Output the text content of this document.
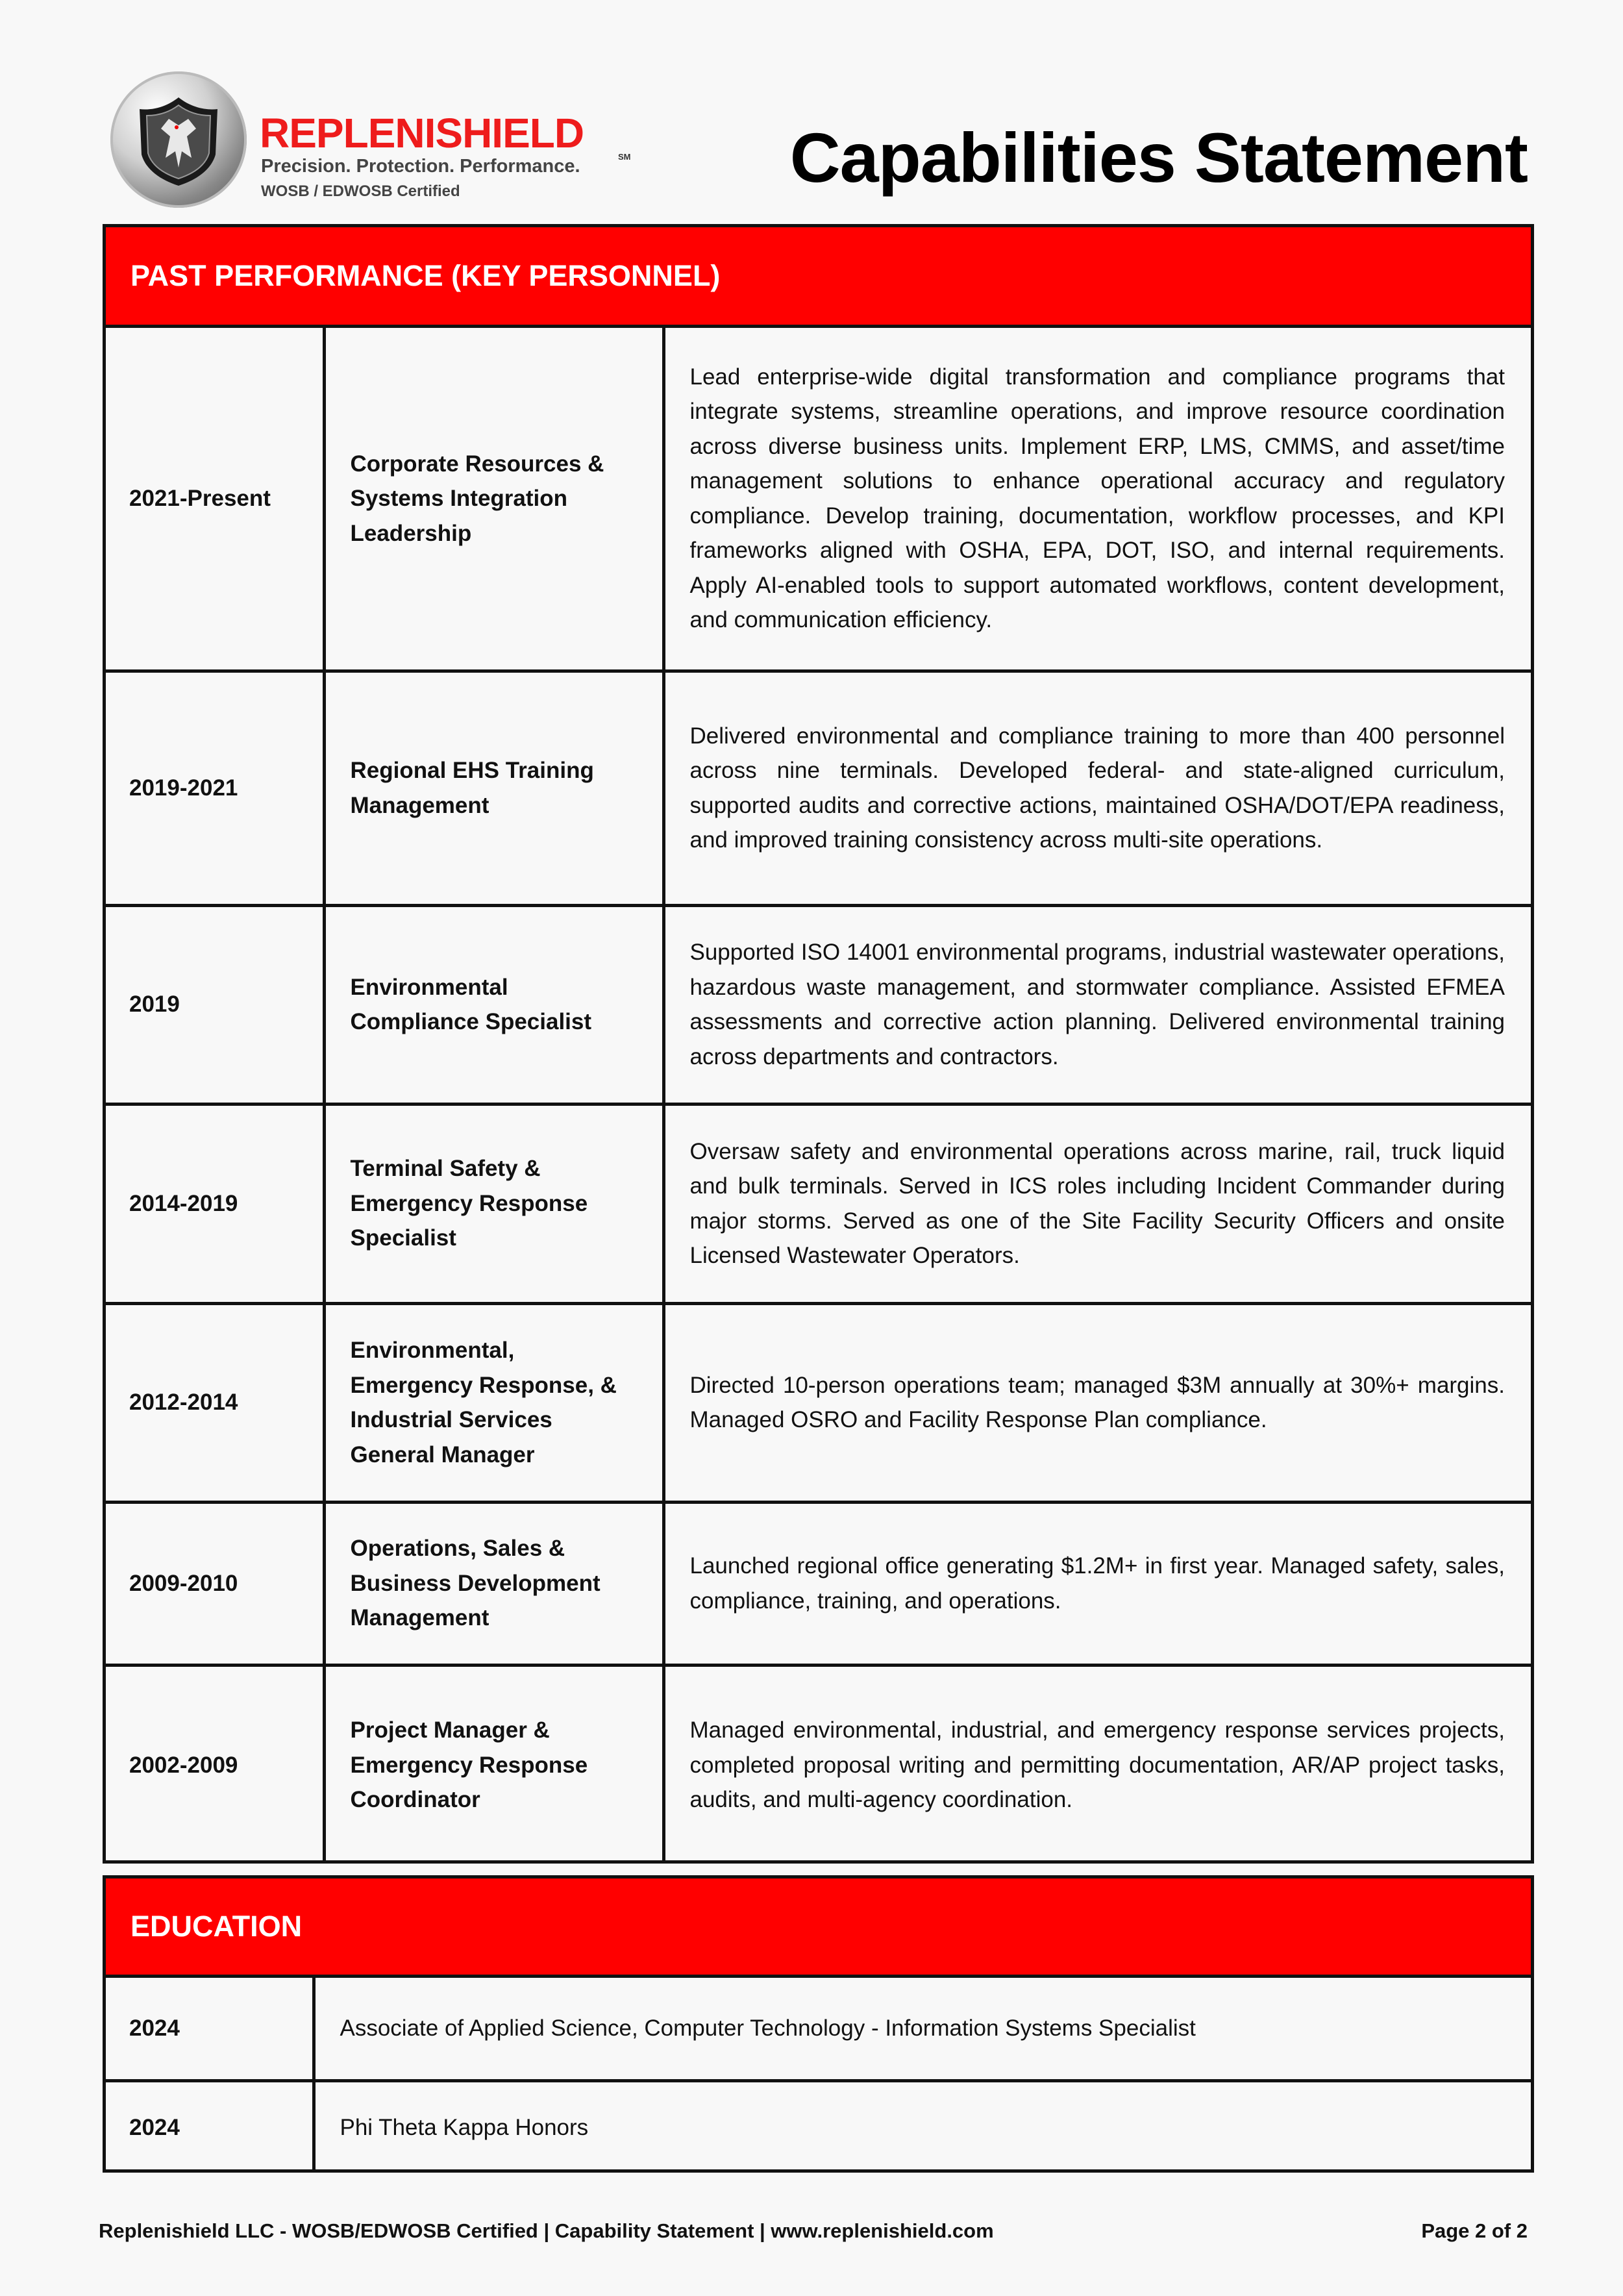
REPLENISHIELD
SM
Precision. Protection. Performance.
WOSB / EDWOSB Certified	Capabilities Statement
PAST PERFORMANCE (KEY PERSONNEL)
2021-Present	Corporate Resources & Systems Integration Leadership	Lead enterprise-wide digital transformation and compliance programs that integrate systems, streamline operations, and improve resource coordination across diverse business units. Implement ERP, LMS, CMMS, and asset/time management solutions to enhance operational accuracy and regulatory compliance. Develop training, documentation, workflow processes, and KPI frameworks aligned with OSHA, EPA, DOT, ISO, and internal requirements. Apply AI-enabled tools to support automated workflows, content development, and communication efficiency.
2019-2021	Regional EHS Training Management	Delivered environmental and compliance training to more than 400 personnel across nine terminals. Developed federal- and state-aligned curriculum, supported audits and corrective actions, maintained OSHA/DOT/EPA readiness, and improved training consistency across multi-site operations.
2019	Environmental Compliance Specialist	Supported ISO 14001 environmental programs, industrial wastewater operations, hazardous waste management, and stormwater compliance. Assisted EFMEA assessments and corrective action planning. Delivered environmental training across departments and contractors.
2014-2019	Terminal Safety & Emergency Response Specialist	Oversaw safety and environmental operations across marine, rail, truck liquid and bulk terminals. Served in ICS roles including Incident Commander during major storms. Served as one of the Site Facility Security Officers and onsite Licensed Wastewater Operators.
2012-2014	Environmental, Emergency Response, & Industrial Services General Manager	Directed 10-person operations team; managed $3M annually at 30%+ margins. Managed OSRO and Facility Response Plan compliance.
2009-2010	Operations, Sales & Business Development Management	Launched regional office generating $1.2M+ in first year. Managed safety, sales, compliance, training, and operations.
2002-2009	Project Manager & Emergency Response Coordinator	Managed environmental, industrial, and emergency response services projects, completed proposal writing and permitting documentation, AR/AP project tasks, audits, and multi-agency coordination.
EDUCATION
2024	Associate of Applied Science, Computer Technology - Information Systems Specialist
2024	Phi Theta Kappa Honors
Replenishield LLC - WOSB/EDWOSB Certified | Capability Statement | www.replenishield.com	Page 2 of 2
